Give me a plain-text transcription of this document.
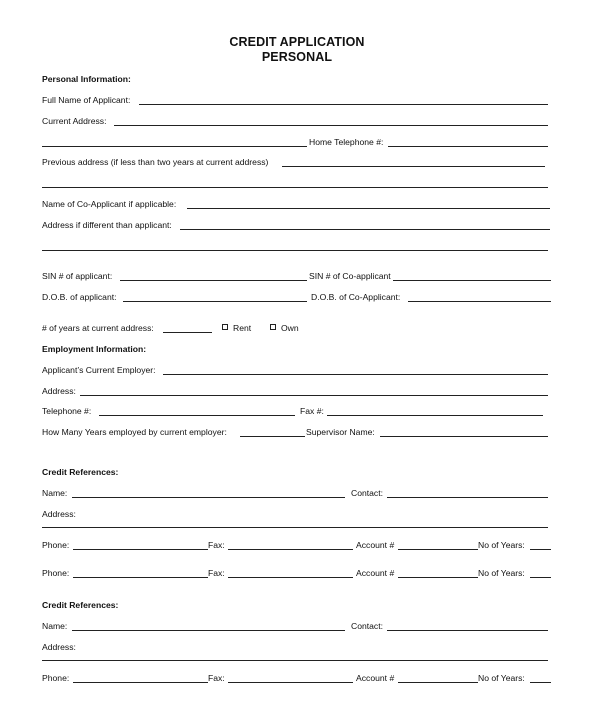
CREDIT APPLICATION
PERSONAL
Personal Information:
Full Name of Applicant:
Current Address:
Home Telephone #:
Previous address (if less than two years at current address)
Name of Co-Applicant if applicable:
Address if different than applicant:
SIN # of applicant:	SIN # of Co-applicant
D.O.B. of applicant:	D.O.B. of Co-Applicant:
# of years at current address:	Rent	Own
Employment Information:
Applicant’s Current Employer:
Address:
Telephone #:	Fax #:
How Many Years employed by current employer:	Supervisor Name:
Credit References:
Name:	Contact:
Address:
Phone:	Fax:	Account #	No of Years:
Phone:	Fax:	Account #	No of Years:
Credit References:
Name:	Contact:
Address:
Phone:	Fax:	Account #	No of Years:
